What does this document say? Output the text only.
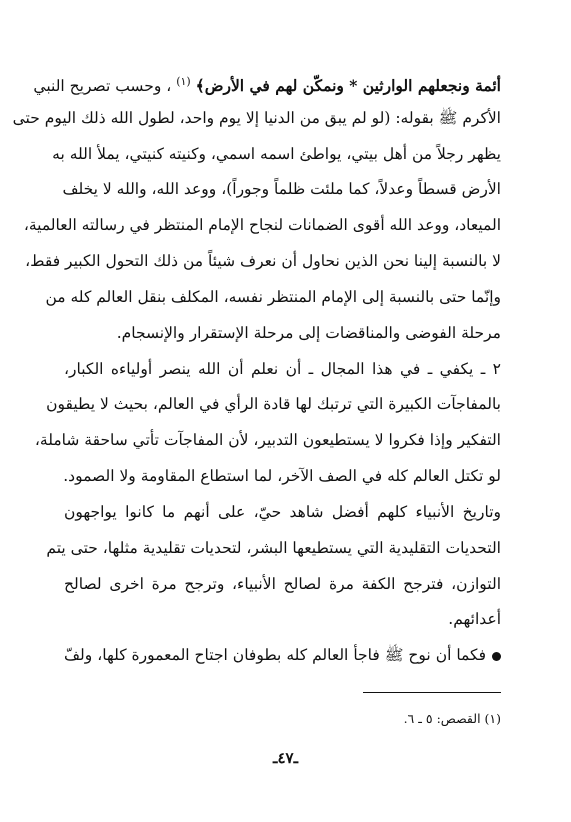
أئمة ونجعلهم الوارثين * ونمكّن لهم في الأرض﴾ $^{(١)}$ ، وحسب تصريح النبي
الأكرم ﷺ بقوله: (لو لم يبق من الدنيا إلا يوم واحد، لطول الله ذلك اليوم حتى
يظهر رجلاً من أهل بيتي، يواطئ اسمه اسمي، وكنيته كنيتي، يملأ الله به
الأرض قسطاً وعدلاً، كما ملئت ظلماً وجوراً)، ووعد الله، والله لا يخلف
الميعاد، ووعد الله أقوى الضمانات لنجاح الإمام المنتظر في رسالته العالمية،
لا بالنسبة إلينا نحن الذين نحاول أن نعرف شيئاً من ذلك التحول الكبير فقط،
وإنّما حتى بالنسبة إلى الإمام المنتظر نفسه، المكلف بنقل العالم كله من
مرحلة الفوضى والمناقضات إلى مرحلة الإستقرار والإنسجام.
٢ ـ يكفي ـ في هذا المجال ـ أن نعلم أن الله ينصر أولياءه الكبار،
بالمفاجآت الكبيرة التي ترتبك لها قادة الرأي في العالم، بحيث لا يطيقون
التفكير وإذا فكروا لا يستطيعون التدبير، لأن المفاجآت تأتي ساحقة شاملة،
لو تكتل العالم كله في الصف الآخر، لما استطاع المقاومة ولا الصمود.
وتاريخ الأنبياء كلهم أفضل شاهد حيّ، على أنهم ما كانوا يواجهون
التحديات التقليدية التي يستطيعها البشر، لتحديات تقليدية مثلها، حتى يتم
التوازن، فترجح الكفة مرة لصالح الأنبياء، وترجح مرة اخرى لصالح
أعدائهم.
فكما أن نوح ﷺ فاجأ العالم كله بطوفان اجتاح المعمورة كلها، ولفّ
(١) القصص: ٥ ـ ٦.
ـ٤٧ـ
